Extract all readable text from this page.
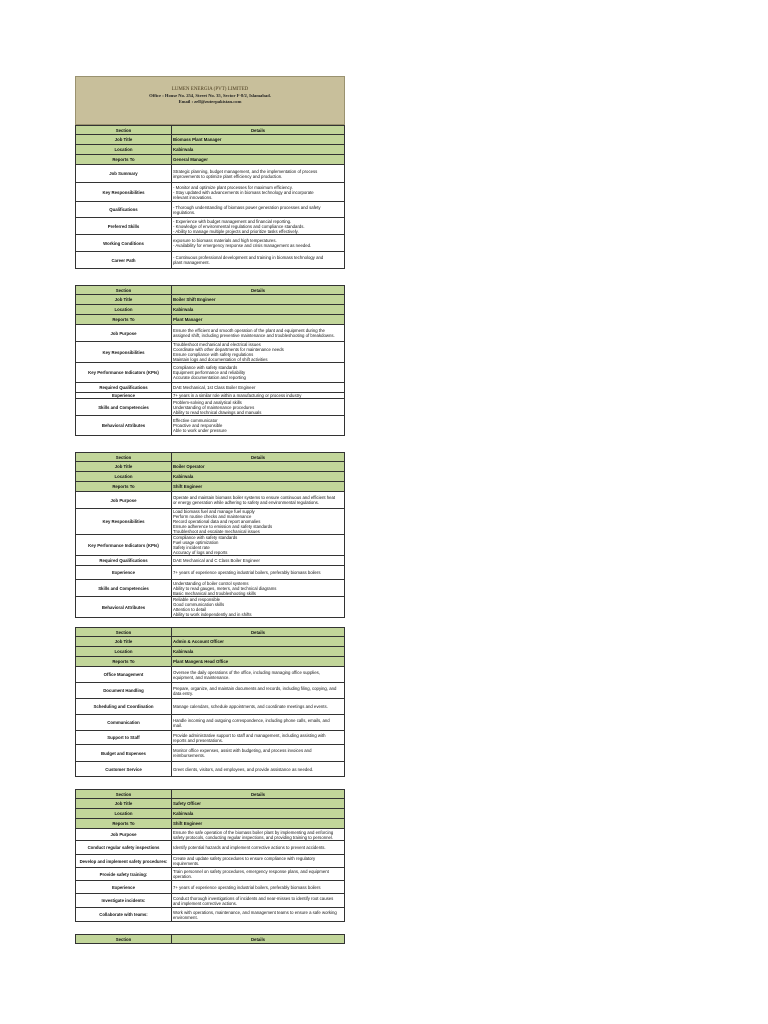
LUMEN ENERGIA (PVT) LIMITED
Office : House No. 254, Street No. 35, Sector F-8/2, Islamabad.
Email : zell@zuterpakistan.com
Section	Details
Job Title	Biomass Plant Manager
Location	Kabirwala
Reports To	General Manager
Job Summary	Strategic planning, budget management, and the implementation of process
improvements to optimize plant efficiency and production.
Key Responsibilities	- Monitor and optimize plant processes for maximum efficiency.
- Stay updated with advancements in biomass technology and incorporate
relevant innovations.
Qualifications	- Thorough understanding of biomass power generation processes and safety
regulations.
Preferred Skills	- Experience with budget management and financial reporting.
- Knowledge of environmental regulations and compliance standards.
- Ability to manage multiple projects and prioritize tasks effectively.
Working Conditions	exposure to biomass materials and high temperatures.
- Availability for emergency response and crisis management as needed.
Career Path	- Continuous professional development and training in biomass technology and
plant management.
Section	Details
Job Title	Boiler Shift Engineer
Location	Kabirwala
Reports To	Plant Manager
Job Purpose	Ensure the efficient and smooth operation of the plant and equipment during the
assigned shift, including preventive maintenance and troubleshooting of breakdowns.
Key Responsibilities	Troubleshoot mechanical and electrical issues
Coordinate with other departments for maintenance needs
Ensure compliance with safety regulations
Maintain logs and documentation of shift activities
Key Performance Indicators (KPIs)	Compliance with safety standards
Equipment performance and reliability
Accurate documentation and reporting
Required Qualifications	DAE Mechanical, 1st Class Boiler Engineer
Experience	7+ years in a similar role within a manufacturing or process industry
Skills and Competencies	Problem-solving and analytical skills
Understanding of maintenance procedures
Ability to read technical drawings and manuals
Behavioral Attributes	Effective communicator
Proactive and responsible
Able to work under pressure
Section	Details
Job Title	Boiler Operator
Location	Kabirwala
Reports To	Shift Engineer
Job Purpose	Operate and maintain biomass boiler systems to ensure continuous and efficient heat
or energy generation while adhering to safety and environmental regulations.
Key Responsibilities	Load biomass fuel and manage fuel supply
Perform routine checks and maintenance
Record operational data and report anomalies
Ensure adherence to emission and safety standards
Troubleshoot and escalate mechanical issues
Key Performance Indicators (KPIs)	Compliance with safety standards
Fuel usage optimization
Safety incident rate
Accuracy of logs and reports
Required Qualifications	DAE Mechanical and C Class Boiler Engineer
Experience	7+ years of experience operating industrial boilers, preferably biomass boilers
Skills and Competencies	Understanding of boiler control systems
Ability to read gauges, meters, and technical diagrams
Basic mechanical and troubleshooting skills
Behavioral Attributes	Reliable and responsible
Good communication skills
Attention to detail
Ability to work independently and in shifts
Section	Details
Job Title	Admin & Account Officer
Location	Kabirwala
Reports To	Plant Manger& Head Office
Office Management	Oversee the daily operations of the office, including managing office supplies,
equipment, and maintenance.
Document Handling	Prepare, organize, and maintain documents and records, including filing, copying, and
data entry.
Scheduling and Coordination	Manage calendars, schedule appointments, and coordinate meetings and events.
Communication	Handle incoming and outgoing correspondence, including phone calls, emails, and
mail.
Support to Staff	Provide administrative support to staff and management, including assisting with
reports and presentations.
Budget and Expenses	Monitor office expenses, assist with budgeting, and process invoices and
reimbursements.
Customer Service	Greet clients, visitors, and employees, and provide assistance as needed.
Section	Details
Job Title	Safety Officer
Location	Kabirwala
Reports To	Shift Engineer
Job Purpose	Ensure the safe operation of the biomass boiler plant by implementing and enforcing
safety protocols, conducting regular inspections, and providing training to personnel.
Conduct regular safety inspections	Identify potential hazards and implement corrective actions to prevent accidents.
Develop and implement safety procedures:	Create and update safety procedures to ensure compliance with regulatory
requirements.
Provide safety training:	Train personnel on safety procedures, emergency response plans, and equipment
operation.
Experience	7+ years of experience operating industrial boilers, preferably biomass boilers
Investigate incidents:	Conduct thorough investigations of incidents and near-misses to identify root causes
and implement corrective actions.
Collaborate with teams:	Work with operations, maintenance, and management teams to ensure a safe working
environment.
Section	Details
